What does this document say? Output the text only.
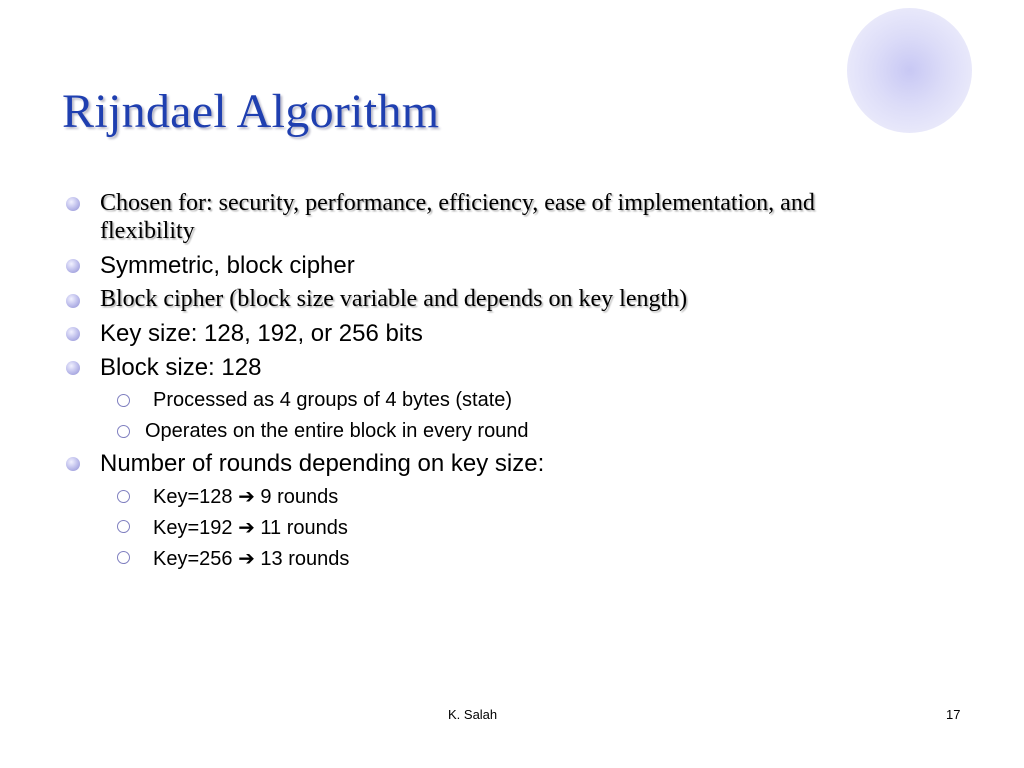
Rijndael Algorithm
Chosen for: security, performance, efficiency, ease of implementation, and
flexibility
Symmetric, block cipher
Block cipher (block size variable and depends on key length)
Key size: 128, 192, or 256 bits
Block size: 128
Processed as 4 groups of 4 bytes (state)
Operates on the entire block in every round
Number of rounds depending on key size:
Key=128 ➔ 9 rounds
Key=192 ➔ 11 rounds
Key=256 ➔ 13 rounds
K. Salah	17
